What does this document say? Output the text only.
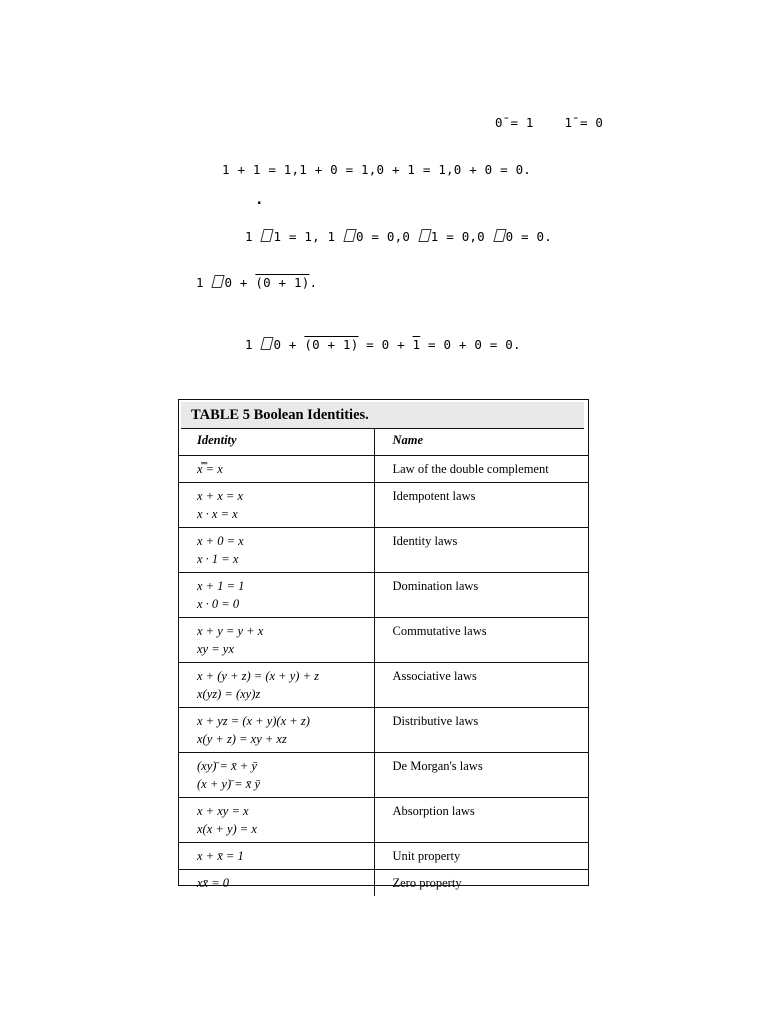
0̄ = 1    1̄ = 0
1 + 1 = 1,1 + 0 = 1,0 + 1 = 1,0 + 0 = 0.
.
1 1 = 1, 1 0 = 0,0 1 = 0,0 0 = 0.
1 0 + (0 + 1).
1 0 + (0 + 1) = 0 + 1 = 0 + 0 = 0.
TABLE 5 Boolean Identities.
Identity	Name

x̿ = x	Law of the double complement

x + x = x
x · x = x	Idempotent laws

x + 0 = x
x · 1 = x	Identity laws

x + 1 = 1
x · 0 = 0	Domination laws

x + y = y + x
xy = yx	Commutative laws

x + (y + z) = (x + y) + z
x(yz) = (xy)z	Associative laws

x + yz = (x + y)(x + z)
x(y + z) = xy + xz	Distributive laws

(xy)̄ = x̄ + ȳ
(x + y)̄ = x̄ ȳ	De Morgan's laws

x + xy = x
x(x + y) = x	Absorption laws

x + x̄ = 1	Unit property

xx̄ = 0	Zero property
